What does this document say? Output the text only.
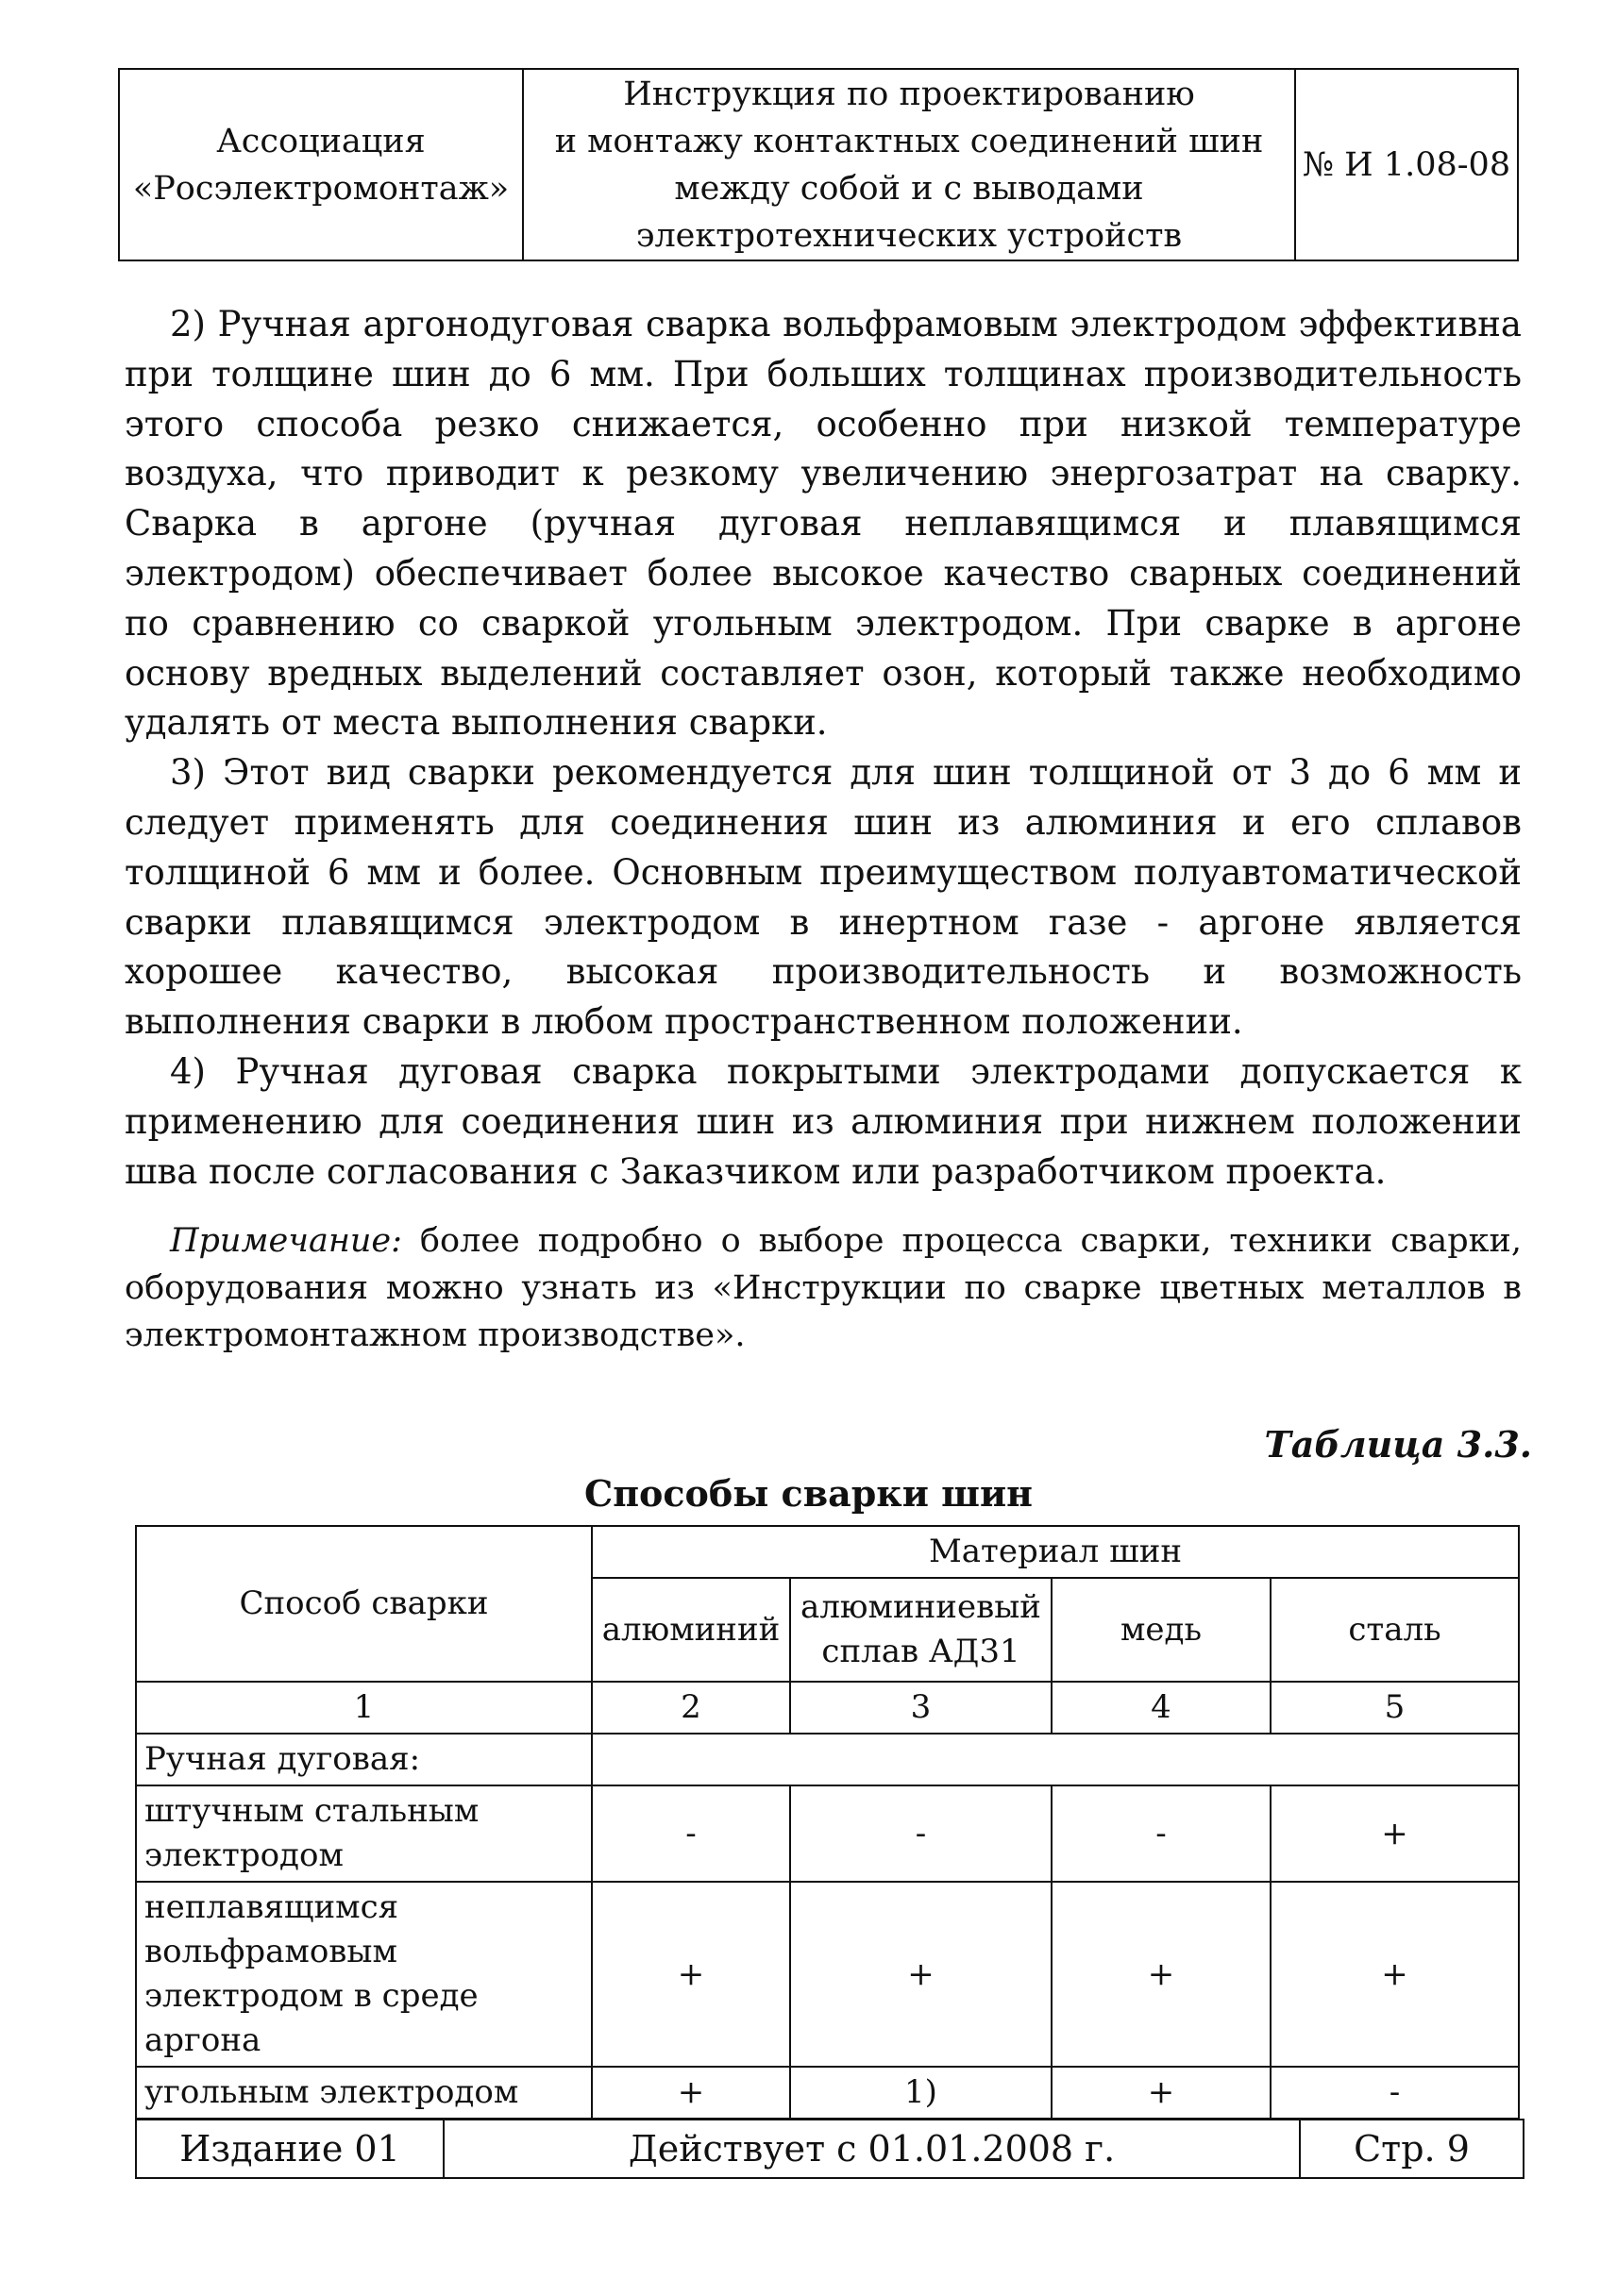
Ассоциация
«Росэлектромонтаж»

Инструкция по проектированию
и монтажу контактных соединений шин
между собой и с выводами
электротехнических устройств
	№ И 1.08-08

2) Ручная аргонодуговая сварка вольфрамовым электродом эффективна при толщине шин до 6 мм. При больших толщинах производительность этого способа резко снижается, особенно при низкой температуре воздуха, что приводит к резкому увеличению энергозатрат на сварку. Сварка в аргоне (ручная дуговая неплавящимся и плавящимся электродом) обеспечивает более высокое качество сварных соединений по сравнению со сваркой угольным электродом. При сварке в аргоне основу вредных выделений составляет озон, который также необходимо удалять от места выполнения сварки.

3) Этот вид сварки рекомендуется для шин толщиной от 3 до 6 мм и следует применять для соединения шин из алюминия и его сплавов толщиной 6 мм и более. Основным преимуществом полуавтоматической сварки плавящимся электродом в инертном газе - аргоне является хорошее качество, высокая производительность и возможность выполнения сварки в любом пространственном положении.

4) Ручная дуговая сварка покрытыми электродами допускается к применению для соединения шин из алюминия при нижнем положении шва после согласования с Заказчиком или разработчиком проекта.

Примечание: более подробно о выборе процесса сварки, техники сварки, оборудования можно узнать из «Инструкции по сварке цветных металлов в электромонтажном производстве».
Таблица 3.3.
Способы сварки шин
Способ сварки	Материал шин			
	алюминий	алюминиевый сплав АД31	медь	сталь
1	2	3	4	5
Ручная дуговая:				
штучным стальным электродом	-	-	-	+
неплавящимся вольфрамовым электродом в среде аргона	+	+	+	+
угольным электродом	+	1)	+	-
Издание 01	Действует с 01.01.2008 г.	Стр. 9
